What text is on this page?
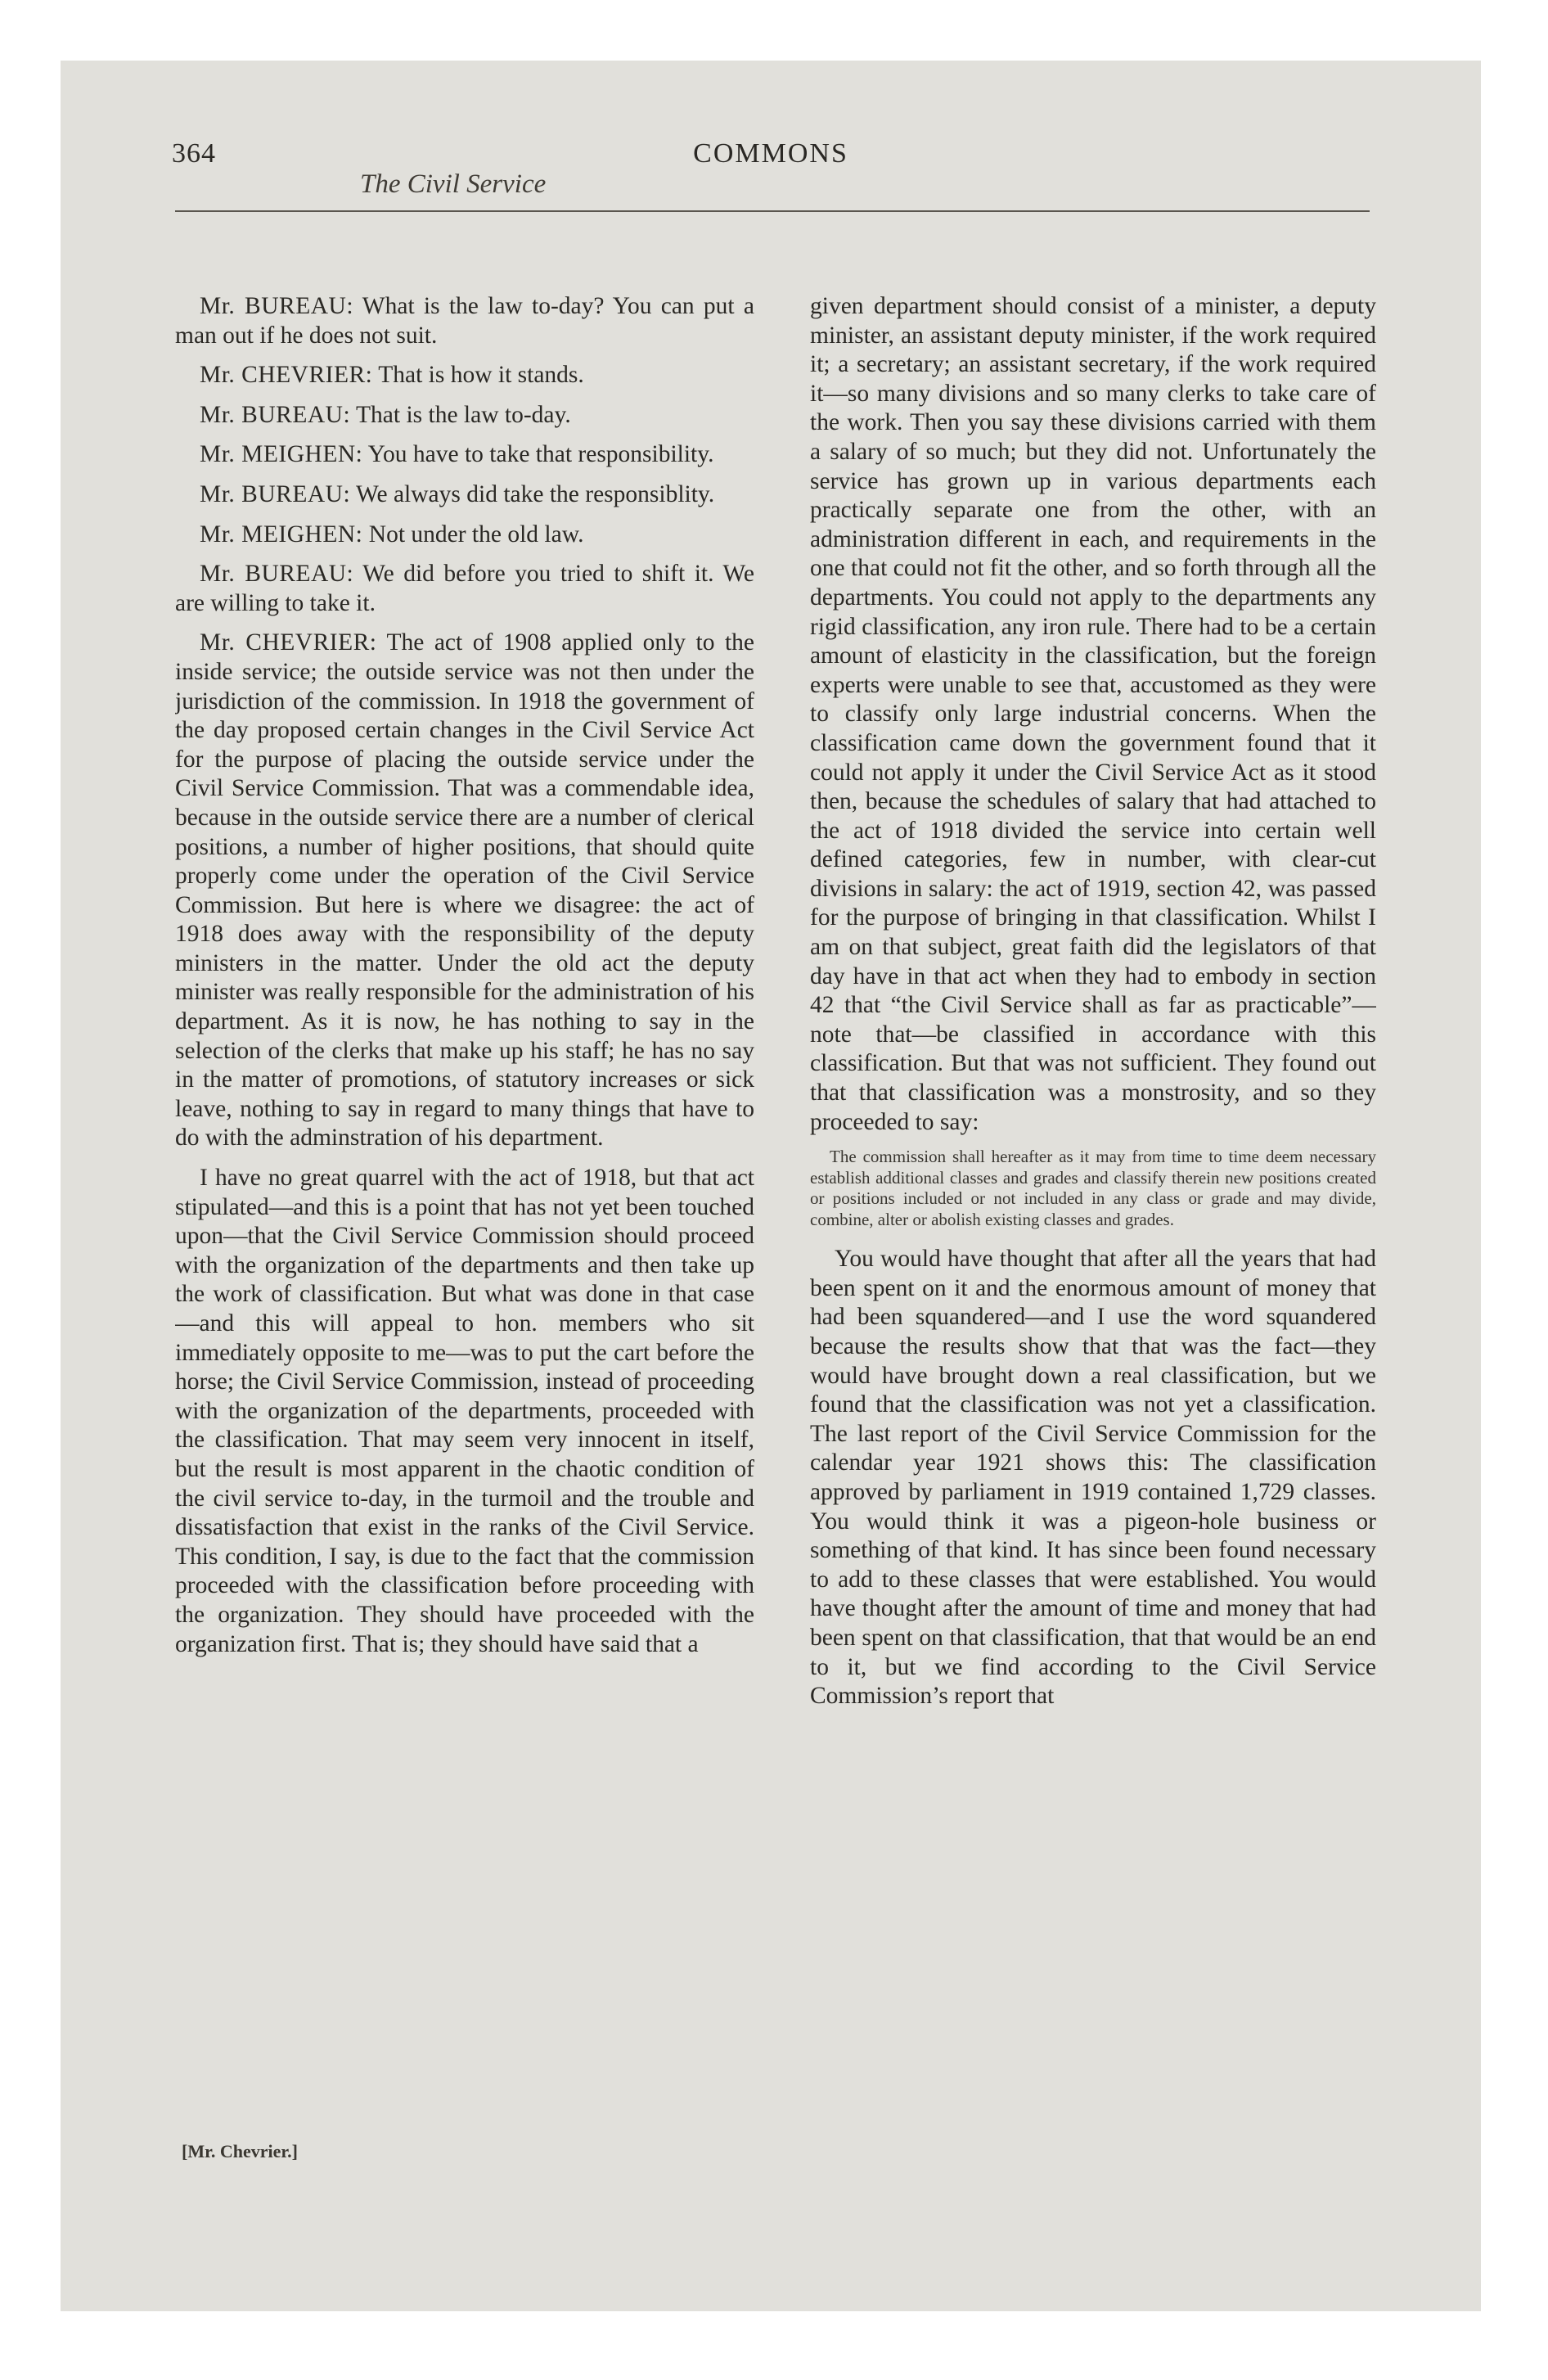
364	COMMONS
The Civil Service

Mr. BUREAU: What is the law to-day? You can put a man out if he does not suit.

Mr. CHEVRIER: That is how it stands.

Mr. BUREAU: That is the law to-day.

Mr. MEIGHEN: You have to take that responsibility.

Mr. BUREAU: We always did take the responsiblity.

Mr. MEIGHEN: Not under the old law.

Mr. BUREAU: We did before you tried to shift it. We are willing to take it.

Mr. CHEVRIER: The act of 1908 applied only to the inside service; the outside service was not then under the jurisdiction of the commission. In 1918 the government of the day proposed certain changes in the Civil Service Act for the purpose of placing the outside service under the Civil Service Commission. That was a commendable idea, because in the outside service there are a number of clerical positions, a number of higher positions, that should quite properly come under the operation of the Civil Service Commission. But here is where we disagree: the act of 1918 does away with the responsibility of the deputy ministers in the matter. Under the old act the deputy minister was really responsible for the administration of his department. As it is now, he has nothing to say in the selection of the clerks that make up his staff; he has no say in the matter of promotions, of statutory increases or sick leave, nothing to say in regard to many things that have to do with the adminstration of his department.

I have no great quarrel with the act of 1918, but that act stipulated—and this is a point that has not yet been touched upon—that the Civil Service Commission should proceed with the organization of the departments and then take up the work of classification. But what was done in that case—and this will appeal to hon. members who sit immediately opposite to me—was to put the cart before the horse; the Civil Service Commission, instead of proceeding with the organization of the departments, proceeded with the classification. That may seem very innocent in itself, but the result is most apparent in the chaotic condition of the civil service to-day, in the turmoil and the trouble and dissatisfaction that exist in the ranks of the Civil Service. This condition, I say, is due to the fact that the commission proceeded with the classification before proceeding with the organization. They should have proceeded with the organization first. That is; they should have said that a

given department should consist of a minister, a deputy minister, an assistant deputy minister, if the work required it; a secretary; an assistant secretary, if the work required it—so many divisions and so many clerks to take care of the work. Then you say these divisions carried with them a salary of so much; but they did not. Unfortunately the service has grown up in various departments each practically separate one from the other, with an administration different in each, and requirements in the one that could not fit the other, and so forth through all the departments. You could not apply to the departments any rigid classification, any iron rule. There had to be a certain amount of elasticity in the classification, but the foreign experts were unable to see that, accustomed as they were to classify only large industrial concerns. When the classification came down the government found that it could not apply it under the Civil Service Act as it stood then, because the schedules of salary that had attached to the act of 1918 divided the service into certain well defined categories, few in number, with clear-cut divisions in salary: the act of 1919, section 42, was passed for the purpose of bringing in that classification. Whilst I am on that subject, great faith did the legislators of that day have in that act when they had to embody in section 42 that “the Civil Service shall as far as practicable”—note that—be classified in accordance with this classification. But that was not sufficient. They found out that that classification was a monstrosity, and so they proceeded to say:

The commission shall hereafter as it may from time to time deem necessary establish additional classes and grades and classify therein new positions created or positions included or not included in any class or grade and may divide, combine, alter or abolish existing classes and grades.

You would have thought that after all the years that had been spent on it and the enormous amount of money that had been squandered—and I use the word squandered because the results show that that was the fact—they would have brought down a real classification, but we found that the classification was not yet a classification. The last report of the Civil Service Commission for the calendar year 1921 shows this: The classification approved by parliament in 1919 contained 1,729 classes. You would think it was a pigeon-hole business or something of that kind. It has since been found necessary to add to these classes that were established. You would have thought after the amount of time and money that had been spent on that classification, that that would be an end to it, but we find according to the Civil Service Commission’s report that

[Mr. Chevrier.]
